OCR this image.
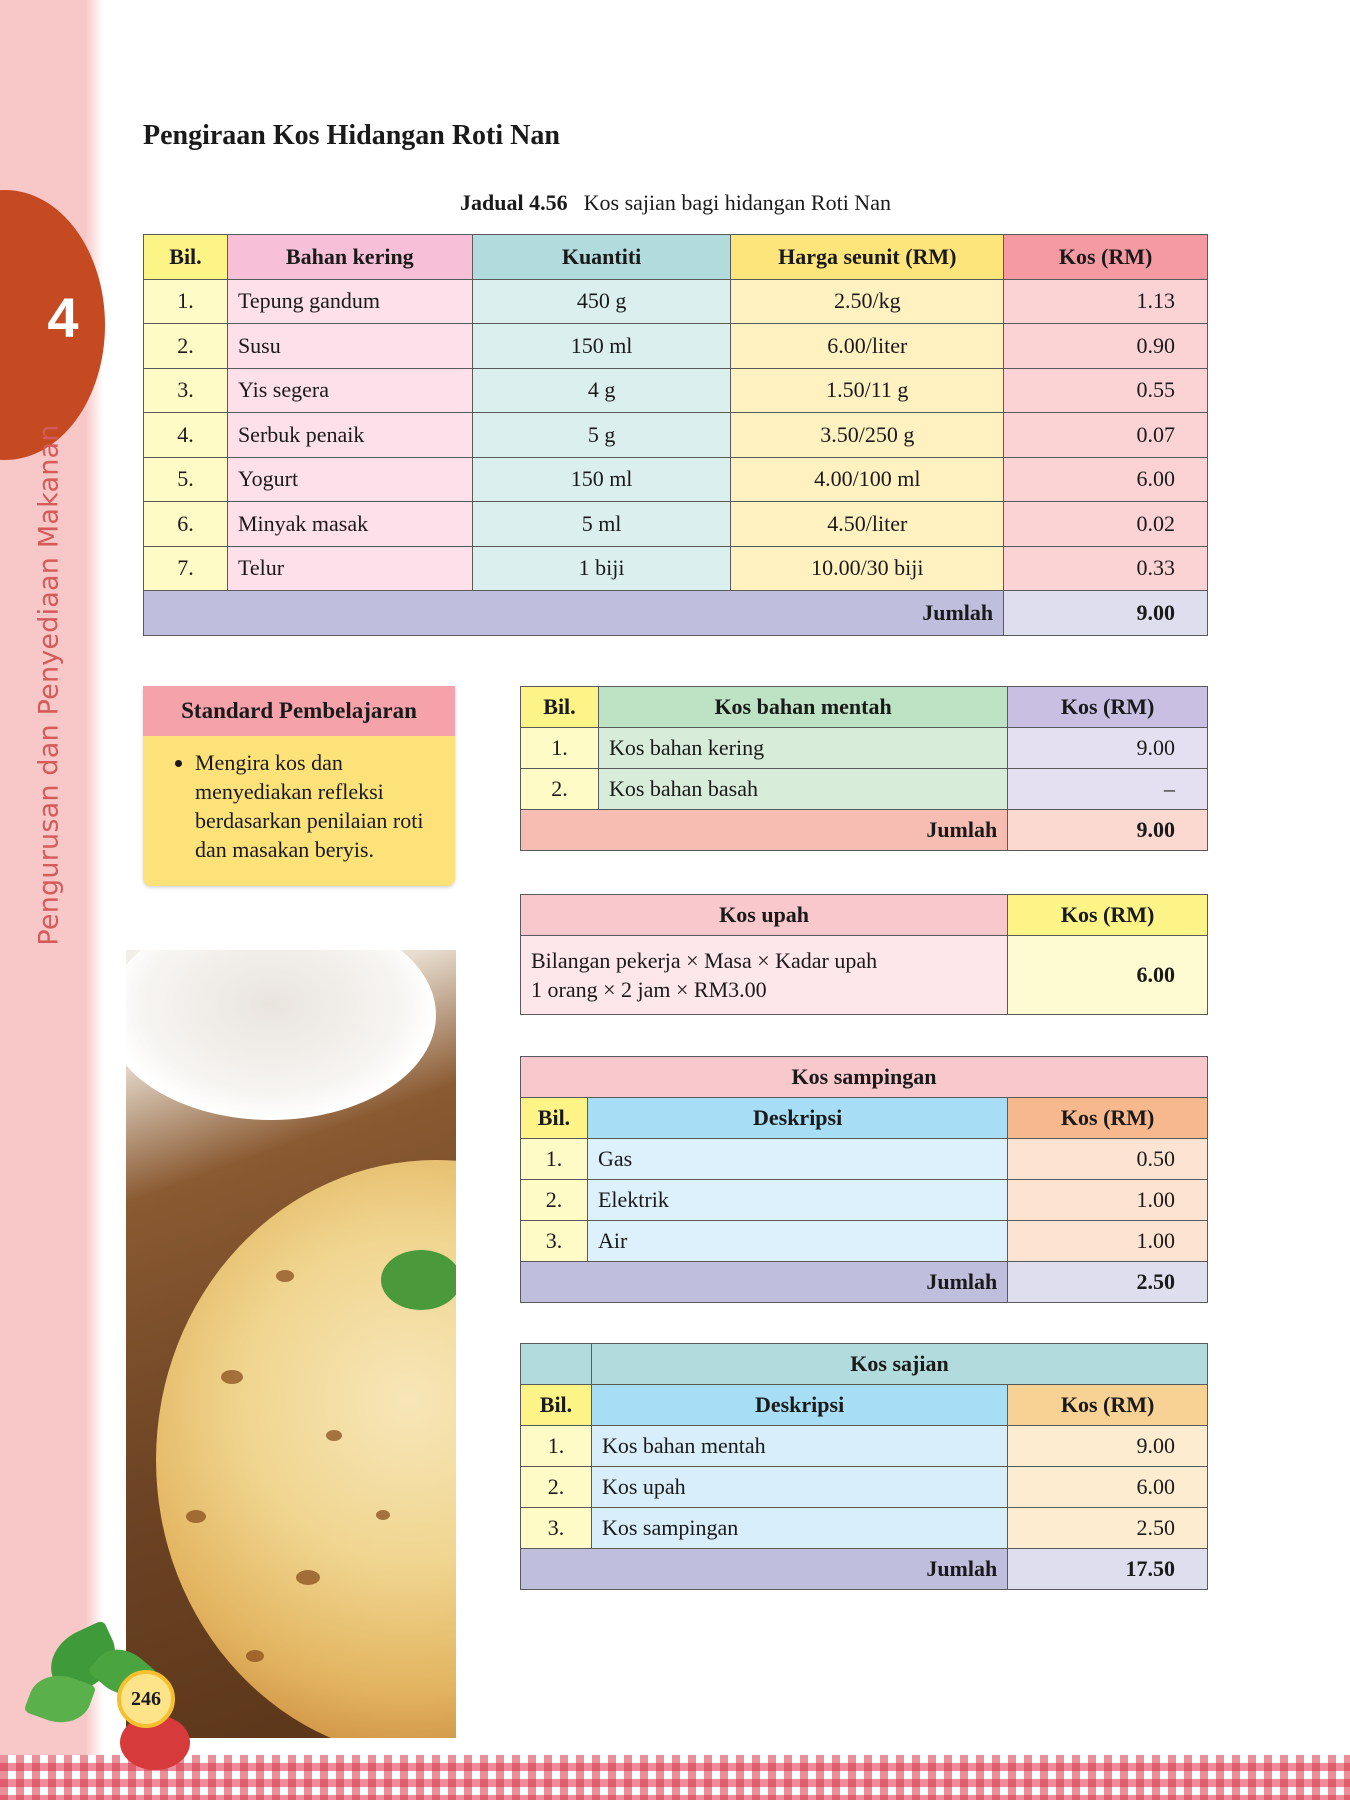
4
Pengurusan dan Penyediaan Makanan
246
Pengiraan Kos Hidangan Roti Nan
Jadual 4.56 Kos sajian bagi hidangan Roti Nan
Bil.	Bahan kering	Kuantiti	Harga seunit (RM)	Kos (RM)
1.	Tepung gandum	450 g	2.50/kg	1.13
2.	Susu	150 ml	6.00/liter	0.90
3.	Yis segera	4 g	1.50/11 g	0.55
4.	Serbuk penaik	5 g	3.50/250 g	0.07
5.	Yogurt	150 ml	4.00/100 ml	6.00
6.	Minyak masak	5 ml	4.50/liter	0.02
7.	Telur	1 biji	10.00/30 biji	0.33
Jumlah				9.00
Standard Pembelajaran
• Mengira kos dan menyediakan refleksi berdasarkan penilaian roti dan masakan beryis.
Bil.	Kos bahan mentah	Kos (RM)
1.	Kos bahan kering	9.00
2.	Kos bahan basah	–
Jumlah		9.00
Kos upah	Kos (RM)

Bilangan pekerja × Masa × Kadar upah
1 orang × 2 jam × RM3.00	6.00
Kos sampingan		
Bil.	Deskripsi	Kos (RM)
1.	Gas	0.50
2.	Elektrik	1.00
3.	Air	1.00
Jumlah		2.50
	Kos sajian	
Bil.	Deskripsi	Kos (RM)
1.	Kos bahan mentah	9.00
2.	Kos upah	6.00
3.	Kos sampingan	2.50
Jumlah		17.50
